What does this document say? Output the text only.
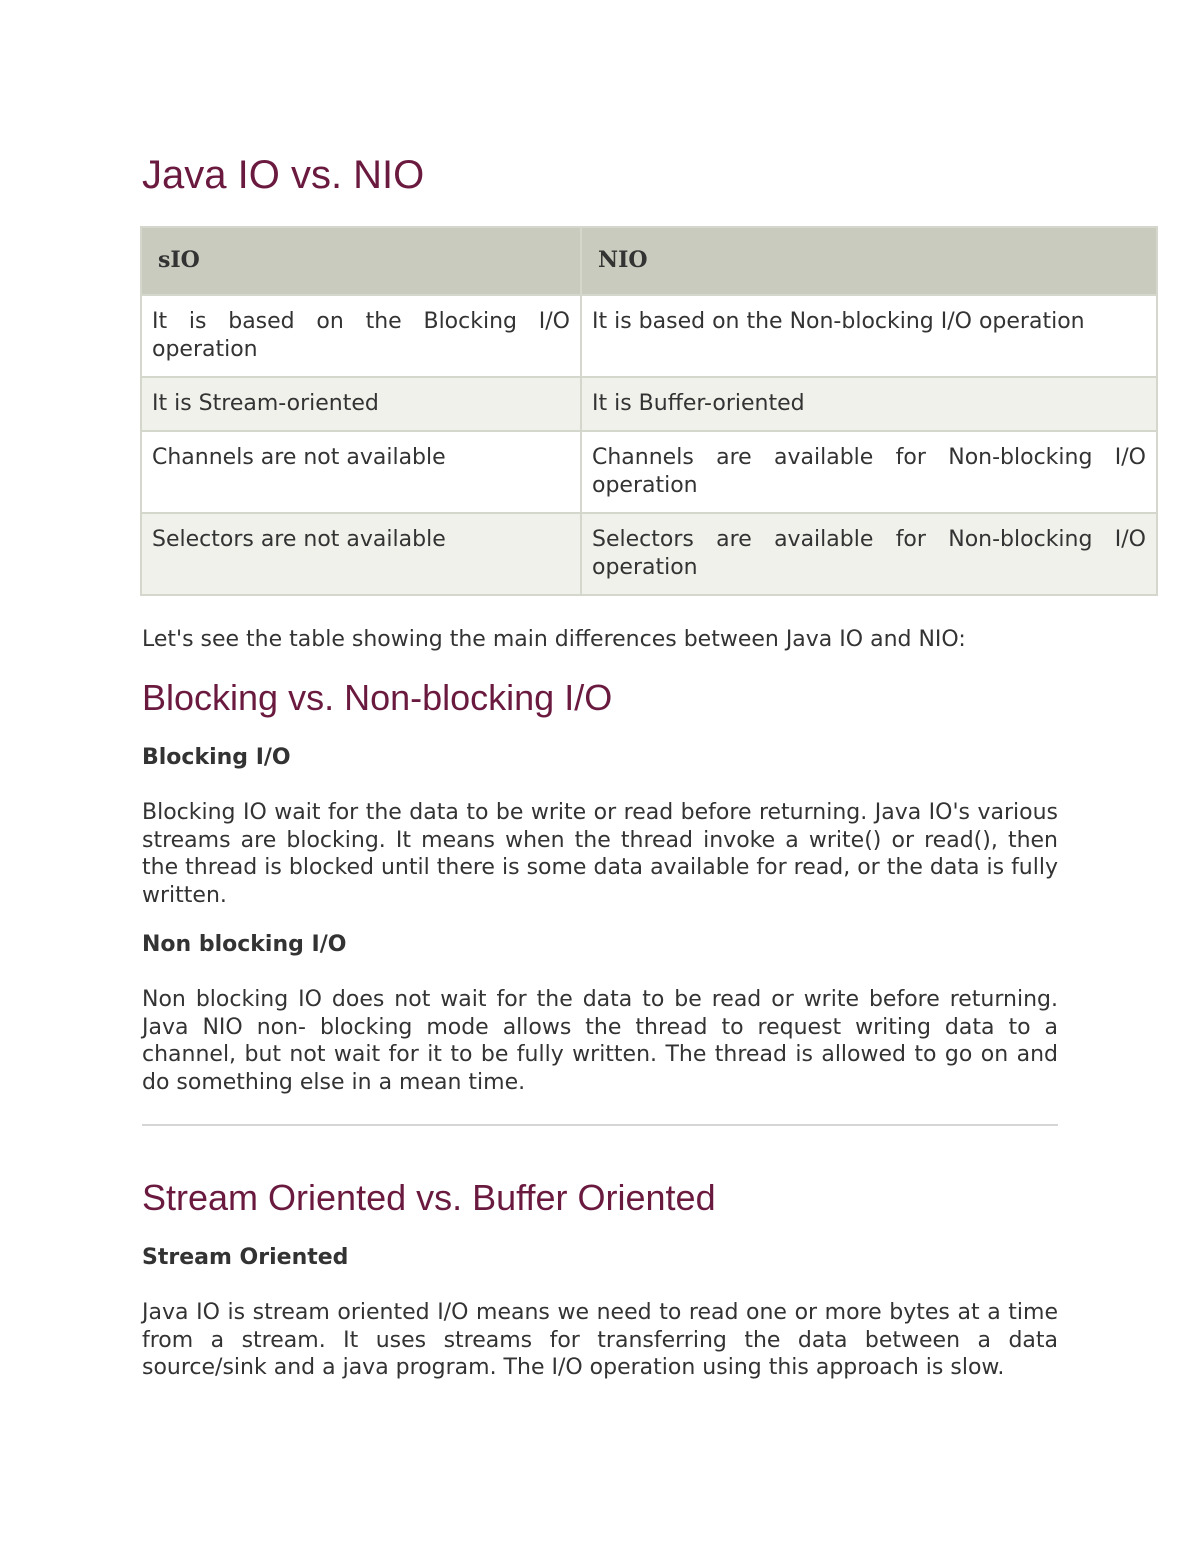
Java IO vs. NIO
sIO	NIO
It is based on the Blocking I/O operation	It is based on the Non-blocking I/O operation
It is Stream-oriented	It is Buffer-oriented
Channels are not available	Channels are available for Non-blocking I/O operation
Selectors are not available	Selectors are available for Non-blocking I/O operation

Let's see the table showing the main differences between Java IO and NIO:

Blocking vs. Non-blocking I/O
Blocking I/O

Blocking IO wait for the data to be write or read before returning. Java IO's various streams are blocking. It means when the thread invoke a write() or read(), then the thread is blocked until there is some data available for read, or the data is fully written.

Non blocking I/O

Non blocking IO does not wait for the data to be read or write before returning. Java NIO non- blocking mode allows the thread to request writing data to a channel, but not wait for it to be fully written. The thread is allowed to go on and do something else in a mean time.

Stream Oriented vs. Buffer Oriented
Stream Oriented

Java IO is stream oriented I/O means we need to read one or more bytes at a time from a stream. It uses streams for transferring the data between a data source/sink and a java program. The I/O operation using this approach is slow.
